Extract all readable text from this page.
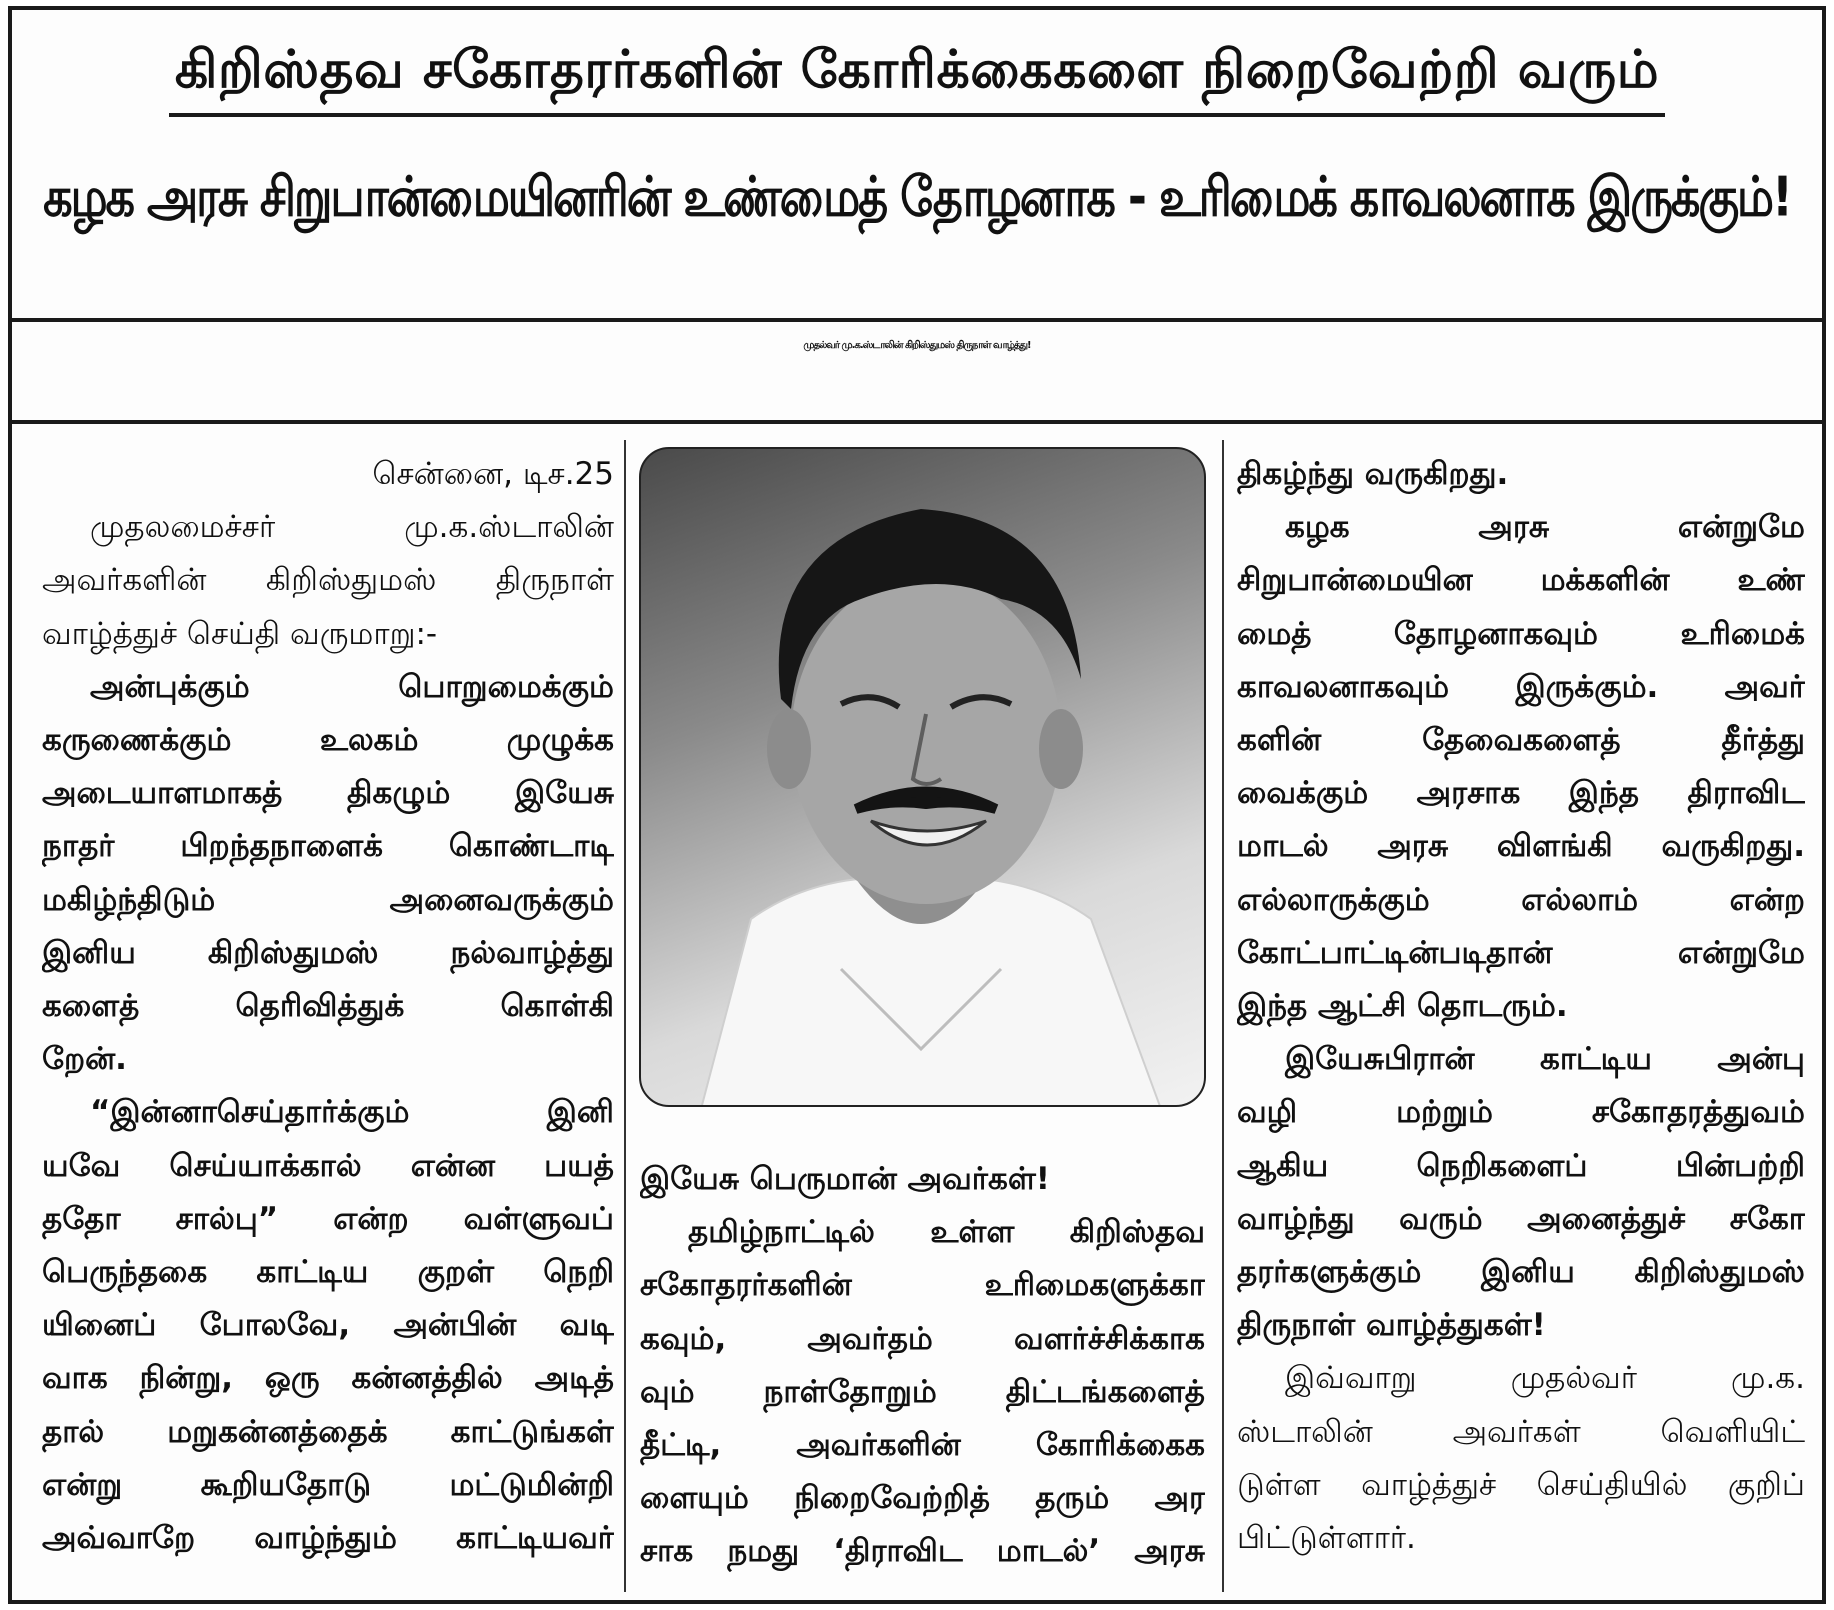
கிறிஸ்தவ சகோதரர்களின் கோரிக்கைகளை நிறைவேற்றி வரும்
கழக அரசு சிறுபான்மையினரின் உண்மைத் தோழனாக - உரிமைக் காவலனாக இருக்கும்!
முதல்வர் மு.க.ஸ்டாலின் கிறிஸ்துமஸ் திருநாள் வாழ்த்து!
சென்னை, டிச.25
முதலமைச்சர் மு.க.ஸ்டாலின்
அவர்களின் கிறிஸ்துமஸ் திருநாள்
வாழ்த்துச் செய்தி வருமாறு:-
அன்புக்கும் பொறுமைக்கும்
கருணைக்கும் உலகம் முழுக்க
அடையாளமாகத் திகழும் இயேசு
நாதர் பிறந்தநாளைக் கொண்டாடி
மகிழ்ந்திடும் அனைவருக்கும்
இனிய கிறிஸ்துமஸ் நல்வாழ்த்து
களைத் தெரிவித்துக் கொள்கி
றேன்.
“இன்னாசெய்தார்க்கும் இனி
யவே செய்யாக்கால் என்ன பயத்
ததோ சால்பு” என்ற வள்ளுவப்
பெருந்தகை காட்டிய குறள் நெறி
யினைப் போலவே, அன்பின் வடி
வாக நின்று, ஒரு கன்னத்தில் அடித்
தால் மறுகன்னத்தைக் காட்டுங்கள்
என்று கூறியதோடு மட்டுமின்றி
அவ்வாறே வாழ்ந்தும் காட்டியவர்
இயேசு பெருமான் அவர்கள்!
தமிழ்நாட்டில் உள்ள கிறிஸ்தவ
சகோதரர்களின் உரிமைகளுக்கா
கவும், அவர்தம் வளர்ச்சிக்காக
வும் நாள்தோறும் திட்டங்களைத்
தீட்டி, அவர்களின் கோரிக்கைக
ளையும் நிறைவேற்றித் தரும் அர
சாக நமது ‘திராவிட மாடல்’ அரசு
திகழ்ந்து வருகிறது.
கழக அரசு என்றுமே
சிறுபான்மையின மக்களின் உண்
மைத் தோழனாகவும் உரிமைக்
காவலனாகவும் இருக்கும். அவர்
களின் தேவைகளைத் தீர்த்து
வைக்கும் அரசாக இந்த திராவிட
மாடல் அரசு விளங்கி வருகிறது.
எல்லாருக்கும் எல்லாம் என்ற
கோட்பாட்டின்படிதான் என்றுமே
இந்த ஆட்சி தொடரும்.
இயேசுபிரான் காட்டிய அன்பு
வழி மற்றும் சகோதரத்துவம்
ஆகிய நெறிகளைப் பின்பற்றி
வாழ்ந்து வரும் அனைத்துச் சகோ
தரர்களுக்கும் இனிய கிறிஸ்துமஸ்
திருநாள் வாழ்த்துகள்!
இவ்வாறு முதல்வர் மு.க.
ஸ்டாலின் அவர்கள் வெளியிட்
டுள்ள வாழ்த்துச் செய்தியில் குறிப்
பிட்டுள்ளார்.
